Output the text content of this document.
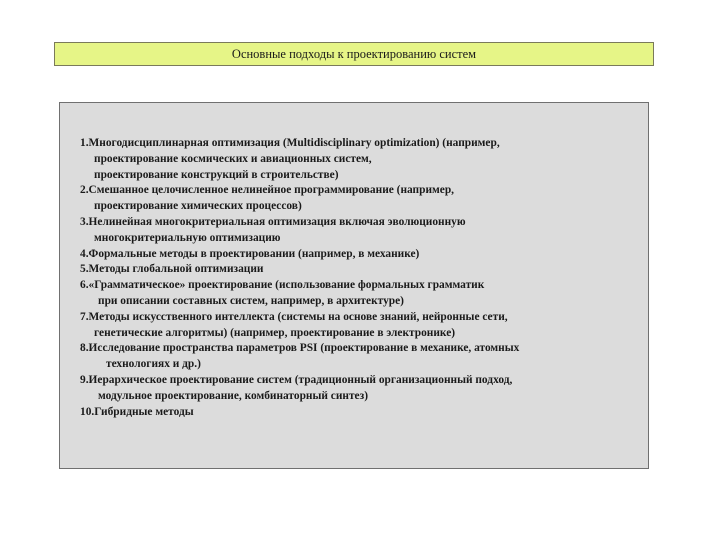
Основные подходы к проектированию систем
1.Многодисциплинарная оптимизация (Multidisciplinary optimization) (например,
проектирование космических и авиационных систем,
проектирование конструкций в строительстве)
2.Смешанное целочисленное нелинейное программирование (например,
проектирование химических процессов)
3.Нелинейная многокритериальная оптимизация включая эволюционную
многокритериальную оптимизацию
4.Формальные методы в проектировании (например, в механике)
5.Методы глобальной оптимизации
6.«Грамматическое» проектирование (использование формальных грамматик
при описании составных систем, например, в архитектуре)
7.Методы искусственного интеллекта (системы на основе знаний, нейронные сети,
генетические алгоритмы) (например, проектирование в электронике)
8.Исследование пространства параметров PSI (проектирование в механике, атомных
технологиях и др.)
9.Иерархическое проектирование систем (традиционный организационный подход,
модульное проектирование, комбинаторный синтез)
10.Гибридные методы
